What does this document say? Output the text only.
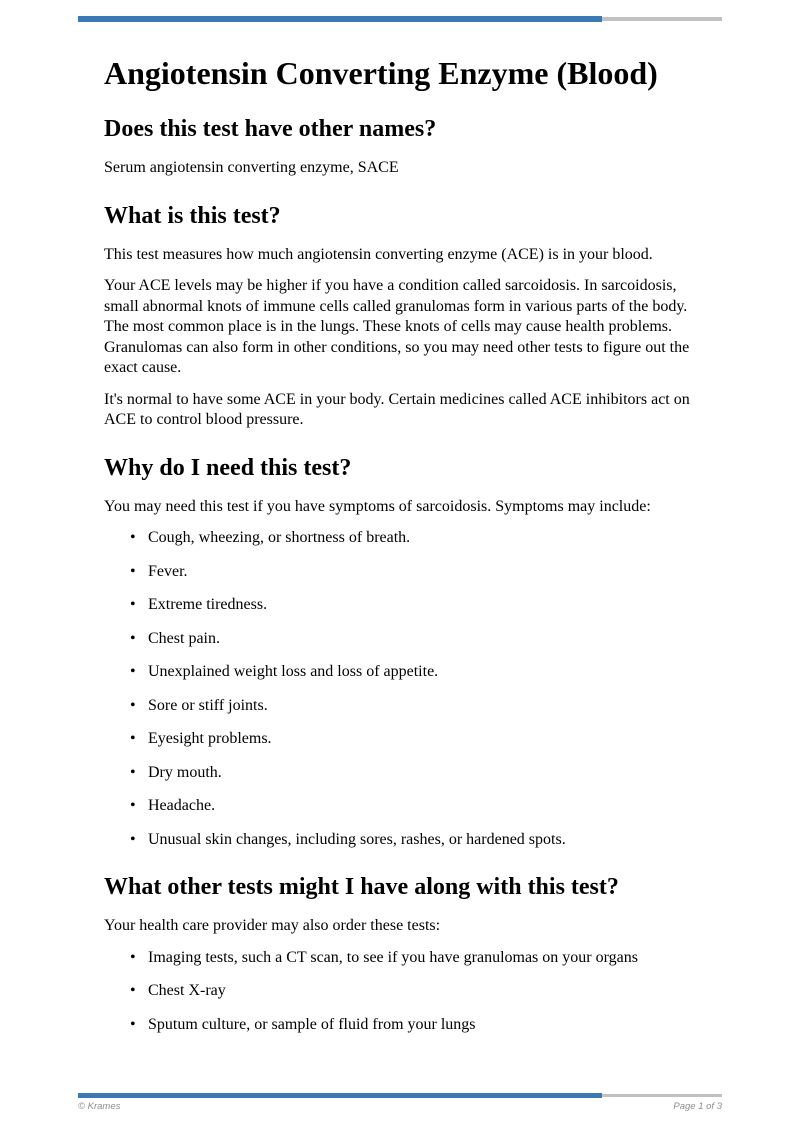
Angiotensin Converting Enzyme (Blood)
Does this test have other names?

Serum angiotensin converting enzyme, SACE

What is this test?

This test measures how much angiotensin converting enzyme (ACE) is in your blood.

Your ACE levels may be higher if you have a condition called sarcoidosis. In sarcoidosis, small abnormal knots of immune cells called granulomas form in various parts of the body. The most common place is in the lungs. These knots of cells may cause health problems. Granulomas can also form in other conditions, so you may need other tests to figure out the exact cause.

It's normal to have some ACE in your body. Certain medicines called ACE inhibitors act on ACE to control blood pressure.

Why do I need this test?

You may need this test if you have symptoms of sarcoidosis. Symptoms may include:

• Cough, wheezing, or shortness of breath.
• Fever.
• Extreme tiredness.
• Chest pain.
• Unexplained weight loss and loss of appetite.
• Sore or stiff joints.
• Eyesight problems.
• Dry mouth.
• Headache.
• Unusual skin changes, including sores, rashes, or hardened spots.
What other tests might I have along with this test?

Your health care provider may also order these tests:

• Imaging tests, such a CT scan, to see if you have granulomas on your organs
• Chest X-ray
• Sputum culture, or sample of fluid from your lungs
© Krames	Page 1 of 3
